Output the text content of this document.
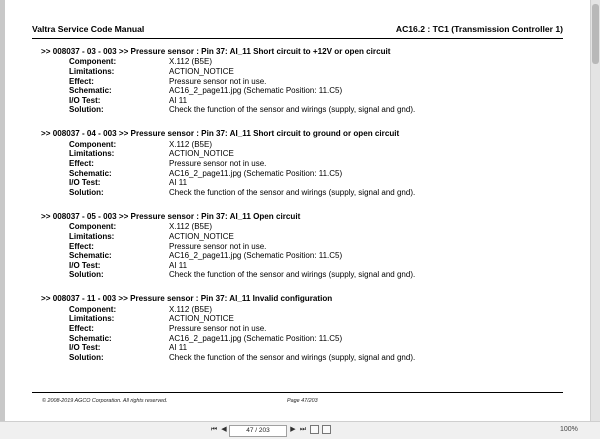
Valtra Service Code Manual	AC16.2 : TC1 (Transmission Controller 1)
>> 008037 - 03 - 003 >> Pressure sensor : Pin 37: AI_11 Short circuit to +12V or open circuit
Component:	X.112 (B5E)
Limitations:	ACTION_NOTICE
Effect:	Pressure sensor not in use.
Schematic:	AC16_2_page11.jpg (Schematic Position: 11.C5)
I/O Test:	AI 11
Solution:	Check the function of the sensor and wirings (supply, signal and gnd).
>> 008037 - 04 - 003 >> Pressure sensor : Pin 37: AI_11 Short circuit to ground or open circuit
Component:	X.112 (B5E)
Limitations:	ACTION_NOTICE
Effect:	Pressure sensor not in use.
Schematic:	AC16_2_page11.jpg (Schematic Position: 11.C5)
I/O Test:	AI 11
Solution:	Check the function of the sensor and wirings (supply, signal and gnd).
>> 008037 - 05 - 003 >> Pressure sensor : Pin 37: AI_11 Open circuit
Component:	X.112 (B5E)
Limitations:	ACTION_NOTICE
Effect:	Pressure sensor not in use.
Schematic:	AC16_2_page11.jpg (Schematic Position: 11.C5)
I/O Test:	AI 11
Solution:	Check the function of the sensor and wirings (supply, signal and gnd).
>> 008037 - 11 - 003 >> Pressure sensor : Pin 37: AI_11 Invalid configuration
Component:	X.112 (B5E)
Limitations:	ACTION_NOTICE
Effect:	Pressure sensor not in use.
Schematic:	AC16_2_page11.jpg (Schematic Position: 11.C5)
I/O Test:	AI 11
Solution:	Check the function of the sensor and wirings (supply, signal and gnd).
© 2008-2019 AGCO Corporation. All rights reserved.	Page 47/203
⏮ ◀	47 / 203	▶ ⏭	100%
